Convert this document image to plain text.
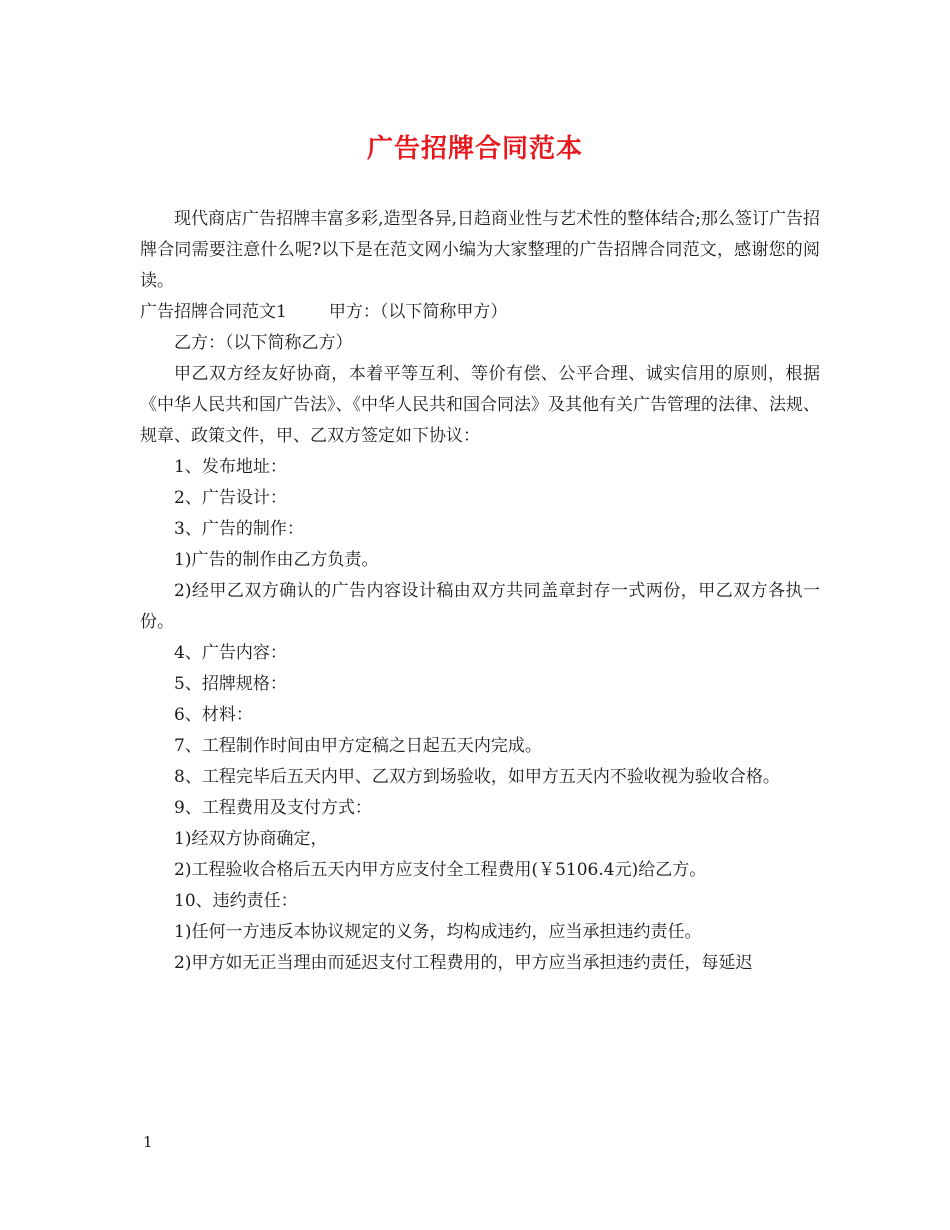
广告招牌合同范本

现代商店广告招牌丰富多彩,造型各异,日趋商业性与艺术性的整体结合;那么签订广告招牌合同需要注意什么呢?以下是在范文网小编为大家整理的广告招牌合同范文，感谢您的阅读。

广告招牌合同范文1 甲方：（以下简称甲方）

乙方：（以下简称乙方）

甲乙双方经友好协商，本着平等互利、等价有偿、公平合理、诚实信用的原则，根据 《中华人民共和国广告法》、《中华人民共和国合同法》及其他有关广告管理的法律、法规、规章、政策文件，甲、乙双方签定如下协议：

1、发布地址：

2、广告设计：

3、广告的制作：

1)广告的制作由乙方负责。

2)经甲乙双方确认的广告内容设计稿由双方共同盖章封存一式两份，甲乙双方各执一份。

4、广告内容：

5、招牌规格：

6、材料：

7、工程制作时间由甲方定稿之日起五天内完成。

8、工程完毕后五天内甲、乙双方到场验收，如甲方五天内不验收视为验收合格。

9、工程费用及支付方式：

1)经双方协商确定，

2)工程验收合格后五天内甲方应支付全工程费用(￥5106.4元)给乙方。

10、违约责任：

1)任何一方违反本协议规定的义务，均构成违约，应当承担违约责任。

2)甲方如无正当理由而延迟支付工程费用的，甲方应当承担违约责任，每延迟

1
